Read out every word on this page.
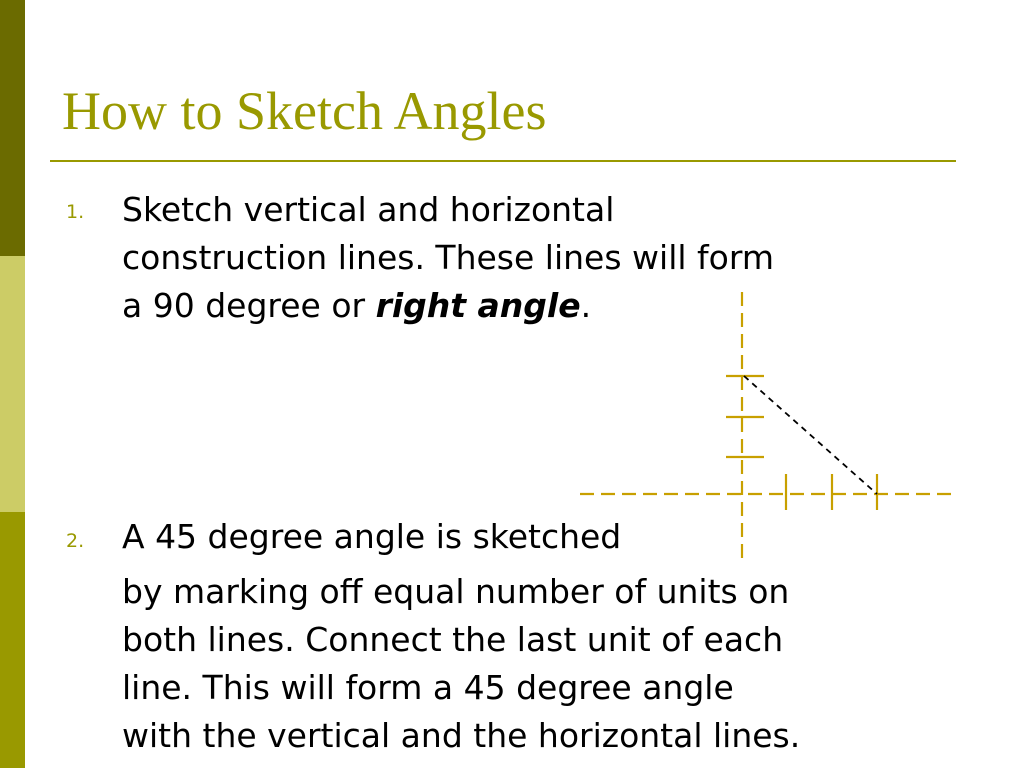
How to Sketch Angles
1. Sketch vertical and horizontal
construction lines. These lines will form
a 90 degree or right angle.
2. A 45 degree angle is sketched
by marking off equal number of units on
both lines. Connect the last unit of each
line. This will form a 45 degree angle
with the vertical and the horizontal lines.
